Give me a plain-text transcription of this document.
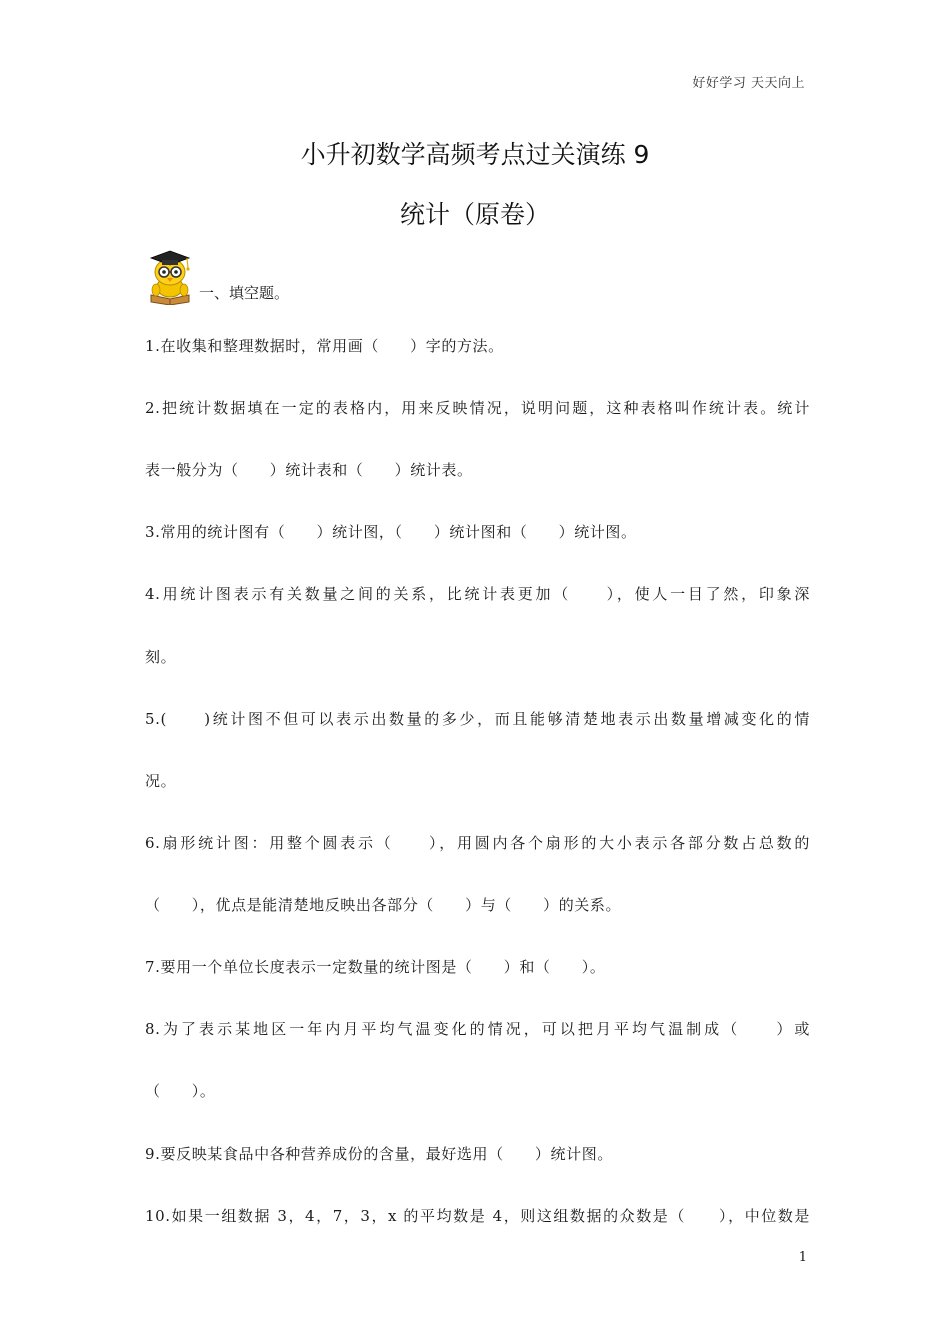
好好学习 天天向上
小升初数学高频考点过关演练 9
统计（原卷）
一、填空题。
1.在收集和整理数据时，常用画（　　）字的方法。
2.把统计数据填在一定的表格内，用来反映情况，说明问题，这种表格叫作统计表。统计
表一般分为（　　）统计表和（　　）统计表。
3.常用的统计图有（　　）统计图，（　　）统计图和（　　）统计图。
4.用统计图表示有关数量之间的关系，比统计表更加（　　），使人一目了然，印象深
刻。
5.(　　)统计图不但可以表示出数量的多少，而且能够清楚地表示出数量增减变化的情
况。
6.扇形统计图：用整个圆表示（　　），用圆内各个扇形的大小表示各部分数占总数的
（　　），优点是能清楚地反映出各部分（　　）与（　　）的关系。
7.要用一个单位长度表示一定数量的统计图是（　　）和（　　）。
8.为了表示某地区一年内月平均气温变化的情况，可以把月平均气温制成（　　）或
（　　）。
9.要反映某食品中各种营养成份的含量，最好选用（　　）统计图。
10.如果一组数据 3，4，7，3，x 的平均数是 4，则这组数据的众数是（　　），中位数是
1
